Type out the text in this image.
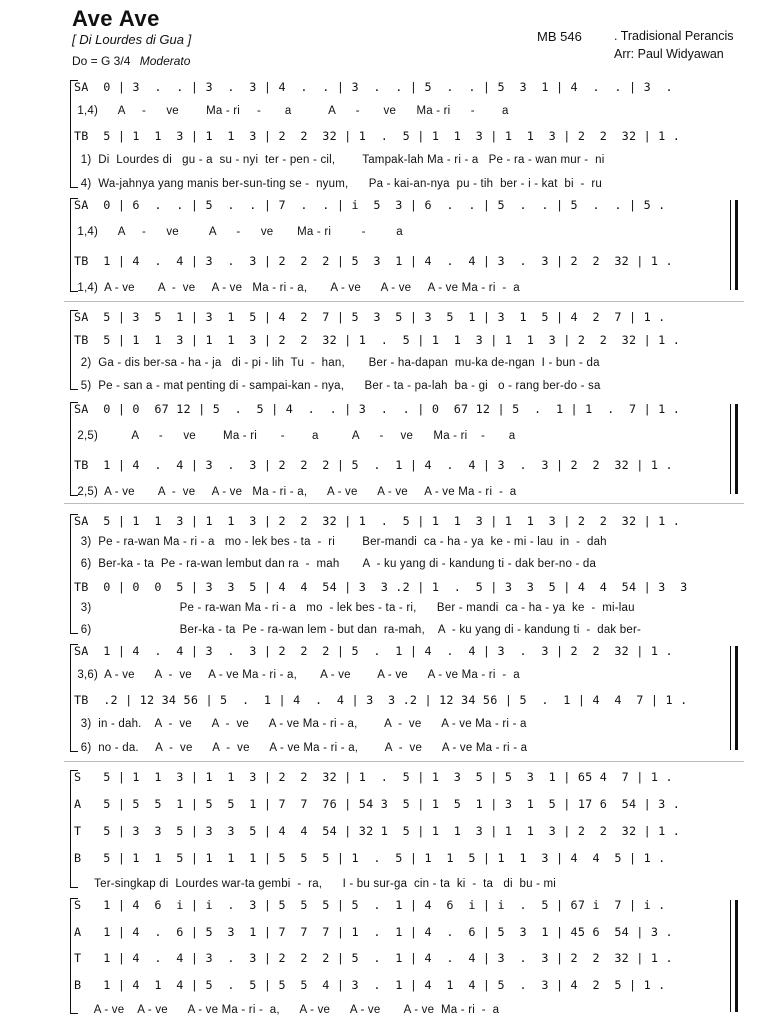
Ave Ave
[ Di Lourdes di Gua ]
Do = G 3/4 Moderato
MB 546	. Tradisional Perancis
Arr: Paul Widyawan
SA  0 | 3  .  . | 3  .  3 | 4  .  . | 3  .  . | 5  .  . | 5  3  1 | 4  .  . | 3  .
1,4)      A     -      ve        Ma - ri     -       a           A      -       ve      Ma - ri      -        a
TB  5 | 1  1  3 | 1  1  3 | 2  2  32 | 1  .  5 | 1  1  3 | 1  1  3 | 2  2  32 | 1 .
1)  Di  Lourdes di   gu - a  su - nyi  ter - pen - cil,        Tampak-lah Ma - ri - a   Pe - ra - wan mur -  ni
4)  Wa-jahnya yang manis ber-sun-ting se -  nyum,      Pa - kai-an-nya  pu - tih  ber - i - kat  bi  -  ru
SA  0 | 6  .  . | 5  .  . | 7  .  . | i  5  3 | 6  .  . | 5  .  . | 5  .  . | 5 .
1,4)      A     -      ve         A      -      ve       Ma - ri         -         a
TB  1 | 4  .  4 | 3  .  3 | 2  2  2 | 5  3  1 | 4  .  4 | 3  .  3 | 2  2  32 | 1 .
1,4)  A - ve       A  -  ve     A - ve   Ma - ri - a,       A - ve      A - ve     A - ve Ma - ri  -  a
SA  5 | 3  5  1 | 3  1  5 | 4  2  7 | 5  3  5 | 3  5  1 | 3  1  5 | 4  2  7 | 1 .
TB  5 | 1  1  3 | 1  1  3 | 2  2  32 | 1  .  5 | 1  1  3 | 1  1  3 | 2  2  32 | 1 .
2)  Ga - dis ber-sa - ha - ja   di - pi - lih  Tu  -  han,       Ber - ha-dapan  mu-ka de-ngan  I - bun - da
5)  Pe - san a - mat penting di - sampai-kan - nya,      Ber - ta - pa-lah  ba - gi   o - rang ber-do - sa
SA  0 | 0  67 12 | 5  .  5 | 4  .  . | 3  .  . | 0  67 12 | 5  .  1 | 1  .  7 | 1 .
2,5)          A      -      ve        Ma - ri       -        a          A      -     ve      Ma - ri    -       a
TB  1 | 4  .  4 | 3  .  3 | 2  2  2 | 5  .  1 | 4  .  4 | 3  .  3 | 2  2  32 | 1 .
2,5)  A - ve       A  -  ve     A - ve   Ma - ri - a,      A - ve      A - ve     A - ve Ma - ri  -  a
SA  5 | 1  1  3 | 1  1  3 | 2  2  32 | 1  .  5 | 1  1  3 | 1  1  3 | 2  2  32 | 1 .
3)  Pe - ra-wan Ma - ri - a   mo - lek bes - ta  -  ri        Ber-mandi  ca - ha - ya  ke - mi - lau  in  -  dah
6)  Ber-ka - ta  Pe - ra-wan lembut dan ra  -  mah       A  - ku yang di - kandung ti - dak ber-no - da
TB  0 | 0  0  5 | 3  3  5 | 4  4  54 | 3  3 .2 | 1  .  5 | 3  3  5 | 4  4  54 | 3  3
3)                          Pe - ra-wan Ma - ri - a   mo  - lek bes - ta - ri,      Ber - mandi  ca - ha - ya  ke  -  mi-lau
6)                          Ber-ka - ta  Pe - ra-wan lem - but dan  ra-mah,    A  - ku yang di - kandung ti  -  dak ber-
SA  1 | 4  .  4 | 3  .  3 | 2  2  2 | 5  .  1 | 4  .  4 | 3  .  3 | 2  2  32 | 1 .
3,6)  A - ve      A  -  ve     A - ve Ma - ri - a,       A - ve        A - ve      A - ve Ma - ri  -  a
TB  .2 | 12 34 56 | 5  .  1 | 4  .  4 | 3  3 .2 | 12 34 56 | 5  .  1 | 4  4  7 | 1 .
3)  in - dah.    A  -  ve      A  -  ve      A - ve Ma - ri - a,        A  -  ve      A - ve Ma - ri - a
6)  no - da.     A  -  ve      A  -  ve      A - ve Ma - ri - a,        A  -  ve      A - ve Ma - ri - a
S   5 | 1  1  3 | 1  1  3 | 2  2  32 | 1  .  5 | 1  3  5 | 5  3  1 | 65 4  7 | 1 .
A   5 | 5  5  1 | 5  5  1 | 7  7  76 | 54 3  5 | 1  5  1 | 3  1  5 | 17 6  54 | 3 .
T   5 | 3  3  5 | 3  3  5 | 4  4  54 | 32 1  5 | 1  1  3 | 1  1  3 | 2  2  32 | 1 .
B   5 | 1  1  5 | 1  1  1 | 5  5  5 | 1  .  5 | 1  1  5 | 1  1  3 | 4  4  5 | 1 .
Ter-singkap di  Lourdes war-ta gembi  -  ra,      I - bu sur-ga  cin - ta  ki  -  ta   di  bu - mi
S   1 | 4  6  i | i  .  3 | 5  5  5 | 5  .  1 | 4  6  i | i  .  5 | 67 i  7 | i .
A   1 | 4  .  6 | 5  3  1 | 7  7  7 | 1  .  1 | 4  .  6 | 5  3  1 | 45 6  54 | 3 .
T   1 | 4  .  4 | 3  .  3 | 2  2  2 | 5  .  1 | 4  .  4 | 3  .  3 | 2  2  32 | 1 .
B   1 | 4  1  4 | 5  .  5 | 5  5  4 | 3  .  1 | 4  1  4 | 5  .  3 | 4  2  5 | 1 .
A - ve    A - ve      A - ve Ma - ri -  a,      A - ve      A - ve       A - ve  Ma - ri  -  a
